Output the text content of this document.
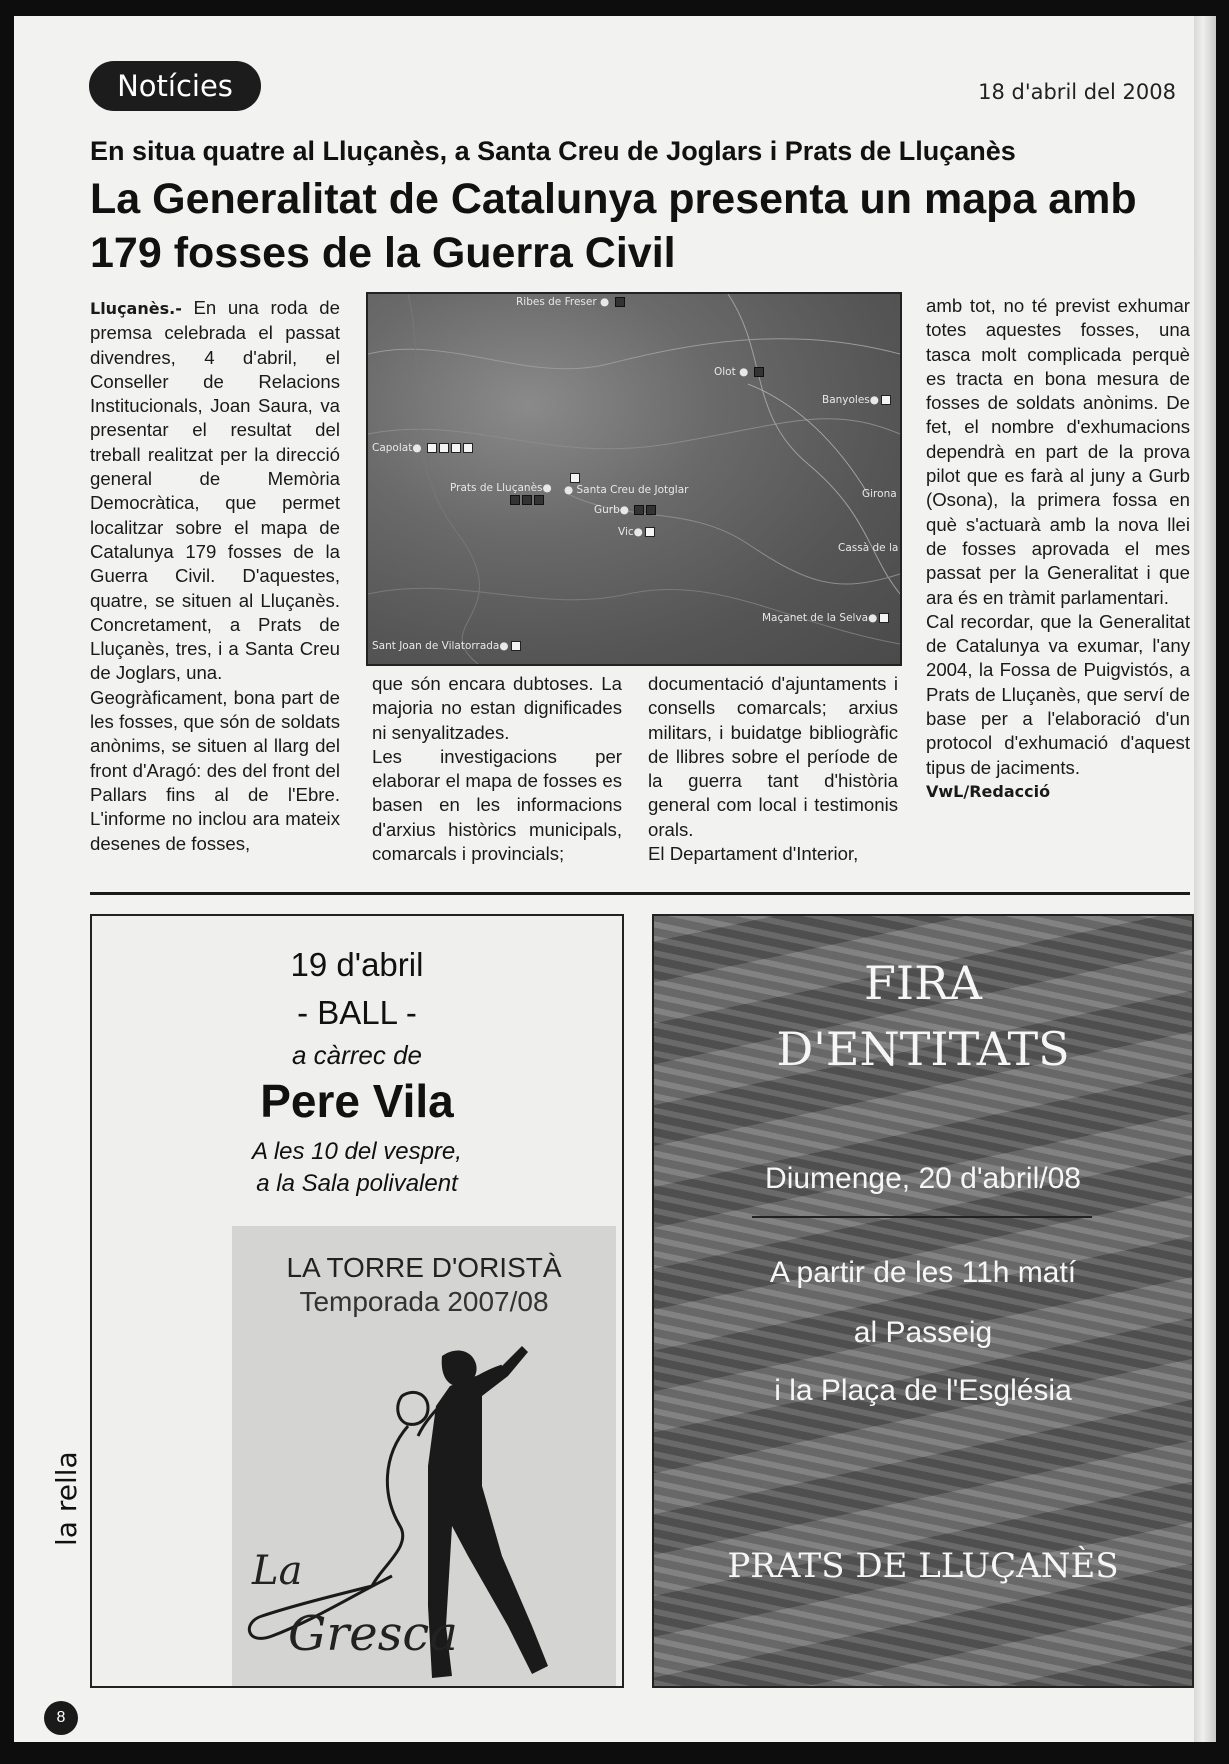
Notícies	18 d'abril del 2008
En situa quatre al Lluçanès, a Santa Creu de Joglars i Prats de Lluçanès
La Generalitat de Catalunya presenta un mapa amb 179 fosses de la Guerra Civil

Lluçanès.- En una roda de premsa celebrada el passat divendres, 4 d'abril, el Conseller de Relacions Institucionals, Joan Saura, va presentar el resultat del treball realitzat per la direcció general de Memòria Democràtica, que permet localitzar sobre el mapa de Catalunya 179 fosses de la Guerra Civil. D'aquestes, quatre, se situen al Lluçanès. Concretament, a Prats de Lluçanès, tres, i a Santa Creu de Joglars, una.

Geogràficament, bona part de les fosses, que són de soldats anònims, se situen al llarg del front d'Aragó: des del front del Pallars fins al de l'Ebre. L'informe no inclou ara mateix desenes de fosses,

Ribes de Freser ●
Olot ●
Banyoles●
Capolat●
Prats de Lluçanès● ● Santa Creu de Jotglar	Girona
Gurb●
Vic●
Cassà de la
Maçanet de la Selva●
Sant Joan de Vilatorrada●

que són encara dubtoses. La majoria no estan dignificades ni senyalitzades.

Les investigacions per elaborar el mapa de fosses es basen en les informacions d'arxius històrics municipals, comarcals i provincials;

documentació d'ajuntaments i consells comarcals; arxius militars, i buidatge bibliogràfic de llibres sobre el període de la guerra tant d'història general com local i testimonis orals.

El Departament d'Interior,

amb tot, no té previst exhumar totes aquestes fosses, una tasca molt complicada perquè es tracta en bona mesura de fosses de soldats anònims. De fet, el nombre d'exhumacions dependrà en part de la prova pilot que es farà al juny a Gurb (Osona), la primera fossa en què s'actuarà amb la nova llei de fosses aprovada el mes passat per la Generalitat i que ara és en tràmit parlamentari.

Cal recordar, que la Generalitat de Catalunya va exumar, l'any 2004, la Fossa de Puigvistós, a Prats de Lluçanès, que serví de base per a l'elaboració d'un protocol d'exhumació d'aquest tipus de jaciments.

VwL/Redacció

19 d'abril
- BALL -
a càrrec de
Pere Vila
A les 10 del vespre,
a la Sala polivalent
LA TORRE D'ORISTÀ
Temporada 2007/08
La
Gresca
FIRA
D'ENTITATS
Diumenge, 20 d'abril/08
A partir de les 11h matí
al Passeig
i la Plaça de l'Església
PRATS DE LLUÇANÈS
la rella
8
